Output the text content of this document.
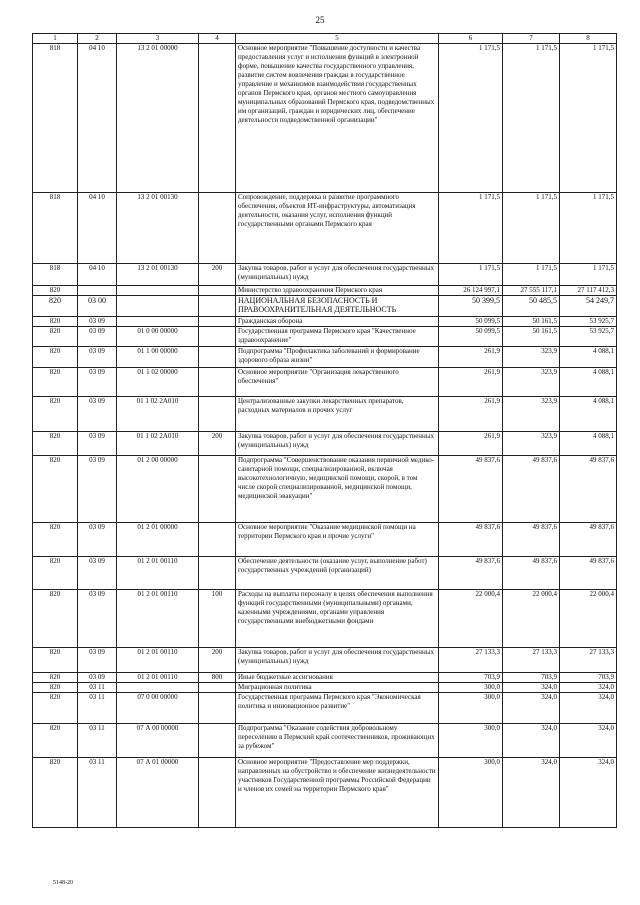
25
1	2	3	4	5	6	7	8
818	04 10	13 2 01 00000		Основное мероприятие "Повышение доступности и качества предоставления услуг и исполнения функций в электронной форме, повышение качества государственного управления, развитие систем вовлечения граждан в государственное управление и механизмов взаимодействия государственных органов Пермского края, органов местного самоуправления муниципальных образований Пермского края, подведомственных им организаций, граждан и юридических лиц, обеспечение деятельности подведомственной организации"	1 171,5	1 171,5	1 171,5
818	04 10	13 2 01 00130		Сопровождение, поддержка и развитие программного обеспечения, объектов ИТ-инфраструктуры, автоматизация деятельности, оказания услуг, исполнения функций государственными органами Пермского края	1 171,5	1 171,5	1 171,5
818	04 10	13 2 01 00130	200	Закупка товаров, работ и услуг для обеспечения государственных (муниципальных) нужд	1 171,5	1 171,5	1 171,5
820				Министерство здравоохранения Пермского края	26 124 997,1	27 555 117,1	27 117 412,3
820	03 00			НАЦИОНАЛЬНАЯ БЕЗОПАСНОСТЬ И ПРАВООХРАНИТЕЛЬНАЯ ДЕЯТЕЛЬНОСТЬ	50 399,5	50 485,5	54 249,7
820	03 09			Гражданская оборона	50 099,5	50 161,5	53 925,7
820	03 09	01 0 00 00000		Государственная программа Пермского края "Качественное здравоохранение"	50 099,5	50 161,5	53 925,7
820	03 09	01 1 00 00000		Подпрограмма "Профилактика заболеваний и формирование здорового образа жизни"	261,9	323,9	4 088,1
820	03 09	01 1 02 00000		Основное мероприятие "Организация лекарственного обеспечения"	261,9	323,9	4 088,1
820	03 09	01 1 02 2А010		Централизованные закупки лекарственных препаратов, расходных материалов и прочих услуг	261,9	323,9	4 088,1
820	03 09	01 1 02 2А010	200	Закупка товаров, работ и услуг для обеспечения государственных (муниципальных) нужд	261,9	323,9	4 088,1
820	03 09	01 2 00 00000		Подпрограмма "Совершенствование оказания первичной медико-санитарной помощи, специализированной, включая высокотехнологичную, медицинской помощи, скорой, в том числе скорой специализированной, медицинской помощи, медицинской эвакуации"	49 837,6	49 837,6	49 837,6
820	03 09	01 2 01 00000		Основное мероприятие "Оказание медицинской помощи на территории Пермского края и прочие услуги"	49 837,6	49 837,6	49 837,6
820	03 09	01 2 01 00110		Обеспечение деятельности (оказание услуг, выполнение работ) государственных учреждений (организаций)	49 837,6	49 837,6	49 837,6
820	03 09	01 2 01 00110	100	Расходы на выплаты персоналу в целях обеспечения выполнения функций государственными (муниципальными) органами, казенными учреждениями, органами управления государственными внебюджетными фондами	22 000,4	22 000,4	22 000,4
820	03 09	01 2 01 00110	200	Закупка товаров, работ и услуг для обеспечения государственных (муниципальных) нужд	27 133,3	27 133,3	27 133,3
820	03 09	01 2 01 00110	800	Иные бюджетные ассигнования	703,9	703,9	703,9
820	03 11			Миграционная политика	300,0	324,0	324,0
820	03 11	07 0 00 00000		Государственная программа Пермского края "Экономическая политика и инновационное развитие"	300,0	324,0	324,0
820	03 11	07 А 00 00000		Подпрограмма "Оказание содействия добровольному переселению в Пермский край соотечественников, проживающих за рубежом"	300,0	324,0	324,0
820	03 11	07 А 01 00000		Основное мероприятие "Предоставление мер поддержки, направленных на обустройство и обеспечение жизнедеятельности участников Государственной программы Российской Федерации и членов их семей на территории Пермского края"	300,0	324,0	324,0
5148-20
